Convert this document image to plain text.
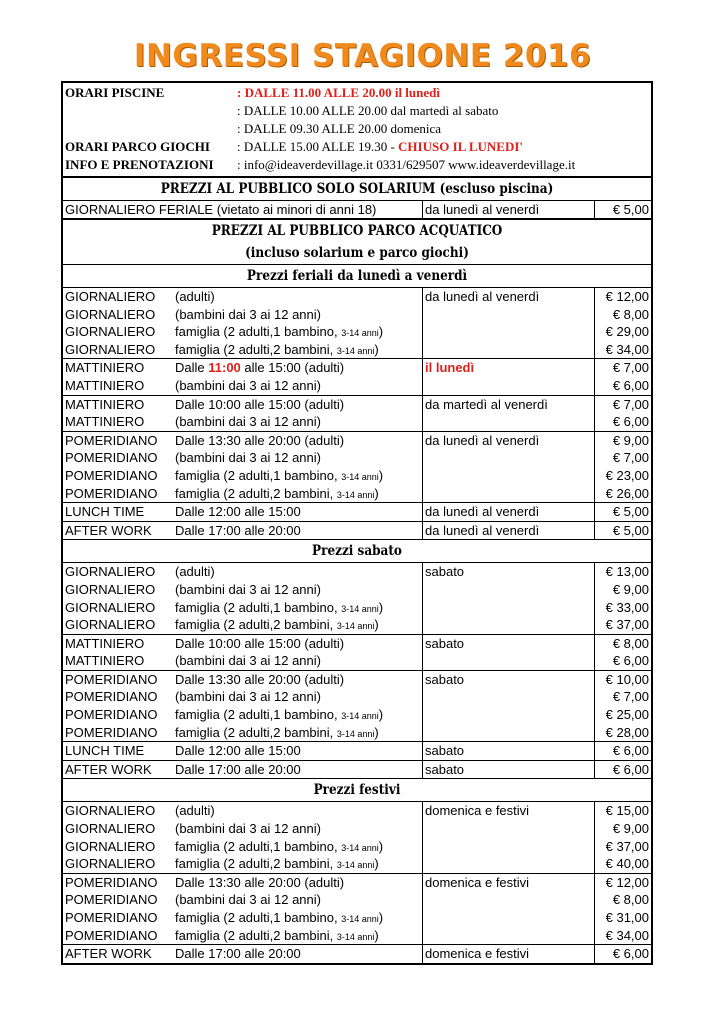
INGRESSI STAGIONE 2016
ORARI PISCINE	: DALLE 11.00 ALLE 20.00 il lunedì
: DALLE 10.00 ALLE 20.00 dal martedì al sabato
: DALLE 09.30 ALLE 20.00 domenica
ORARI PARCO GIOCHI	: DALLE 15.00 ALLE 19.30 - CHIUSO IL LUNEDI'
INFO E PRENOTAZIONI	: info@ideaverdevillage.it 0331/629507 www.ideaverdevillage.it
PREZZI AL PUBBLICO SOLO SOLARIUM (escluso piscina)
GIORNALIERO FERIALE (vietato ai minori di anni 18)	da lunedì al venerdì	€ 5,00
PREZZI AL PUBBLICO PARCO ACQUATICO
(incluso solarium e parco giochi)
Prezzi feriali da lunedì a venerdì
GIORNALIERO	(adulti)	da lunedì al venerdì	€ 12,00
GIORNALIERO	(bambini dai 3 ai 12 anni)	€ 8,00
GIORNALIERO	famiglia (2 adulti,1 bambino, 3-14 anni)	€ 29,00
GIORNALIERO	famiglia (2 adulti,2 bambini, 3-14 anni)	€ 34,00
MATTINIERO	Dalle 11:00 alle 15:00 (adulti)	il lunedì	€ 7,00
MATTINIERO	(bambini dai 3 ai 12 anni)	€ 6,00
MATTINIERO	Dalle 10:00 alle 15:00 (adulti)	da martedì al venerdì	€ 7,00
MATTINIERO	(bambini dai 3 ai 12 anni)	€ 6,00
POMERIDIANO	Dalle 13:30 alle 20:00 (adulti)	da lunedì al venerdì	€ 9,00
POMERIDIANO	(bambini dai 3 ai 12 anni)	€ 7,00
POMERIDIANO	famiglia (2 adulti,1 bambino, 3-14 anni)	€ 23,00
POMERIDIANO	famiglia (2 adulti,2 bambini, 3-14 anni)	€ 26,00
LUNCH TIME	Dalle 12:00 alle 15:00	da lunedì al venerdì	€ 5,00
AFTER WORK	Dalle 17:00 alle 20:00	da lunedì al venerdì	€ 5,00
Prezzi sabato
GIORNALIERO	(adulti)	sabato	€ 13,00
GIORNALIERO	(bambini dai 3 ai 12 anni)	€ 9,00
GIORNALIERO	famiglia (2 adulti,1 bambino, 3-14 anni)	€ 33,00
GIORNALIERO	famiglia (2 adulti,2 bambini, 3-14 anni)	€ 37,00
MATTINIERO	Dalle 10:00 alle 15:00 (adulti)	sabato	€ 8,00
MATTINIERO	(bambini dai 3 ai 12 anni)	€ 6,00
POMERIDIANO	Dalle 13:30 alle 20:00 (adulti)	sabato	€ 10,00
POMERIDIANO	(bambini dai 3 ai 12 anni)	€ 7,00
POMERIDIANO	famiglia (2 adulti,1 bambino, 3-14 anni)	€ 25,00
POMERIDIANO	famiglia (2 adulti,2 bambini, 3-14 anni)	€ 28,00
LUNCH TIME	Dalle 12:00 alle 15:00	sabato	€ 6,00
AFTER WORK	Dalle 17:00 alle 20:00	sabato	€ 6,00
Prezzi festivi
GIORNALIERO	(adulti)	domenica e festivi	€ 15,00
GIORNALIERO	(bambini dai 3 ai 12 anni)	€ 9,00
GIORNALIERO	famiglia (2 adulti,1 bambino, 3-14 anni)	€ 37,00
GIORNALIERO	famiglia (2 adulti,2 bambini, 3-14 anni)	€ 40,00
POMERIDIANO	Dalle 13:30 alle 20:00 (adulti)	domenica e festivi	€ 12,00
POMERIDIANO	(bambini dai 3 ai 12 anni)	€ 8,00
POMERIDIANO	famiglia (2 adulti,1 bambino, 3-14 anni)	€ 31,00
POMERIDIANO	famiglia (2 adulti,2 bambini, 3-14 anni)	€ 34,00
AFTER WORK	Dalle 17:00 alle 20:00	domenica e festivi	€ 6,00
